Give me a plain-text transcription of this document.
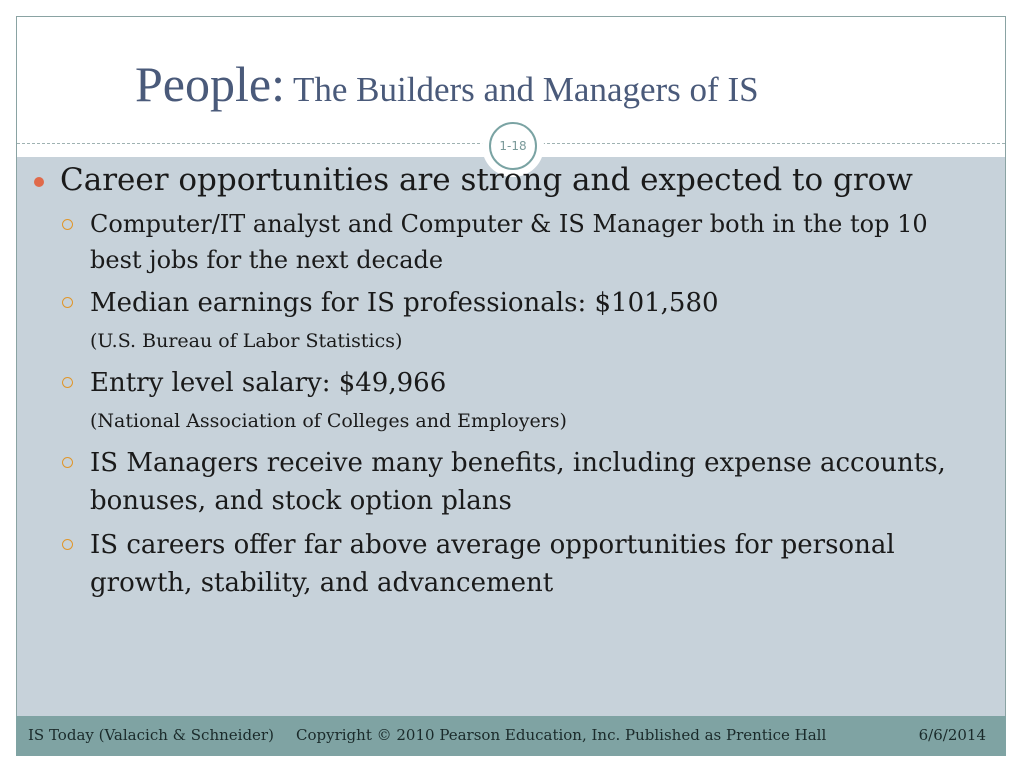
People: The Builders and Managers of IS
1-18
Career opportunities are strong and expected to grow
Computer/IT analyst and Computer & IS Manager both in the top 10 best jobs for the next decade
Median earnings for IS professionals: $101,580
(U.S. Bureau of Labor Statistics)
Entry level salary: $49,966
(National Association of Colleges and Employers)
IS Managers receive many benefits, including expense accounts, bonuses, and stock option plans
IS careers offer far above average opportunities for personal growth, stability, and advancement
IS Today (Valacich & Schneider) Copyright © 2010 Pearson Education, Inc. Published as Prentice Hall	6/6/2014
